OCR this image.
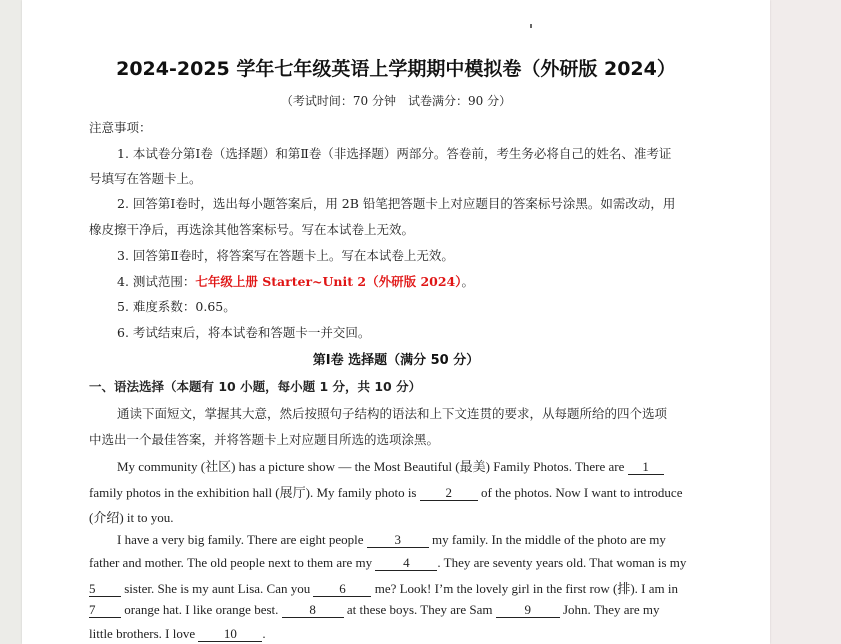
2024-2025 学年七年级英语上学期期中模拟卷（外研版 2024）
（考试时间：70 分钟　试卷满分：90 分）
注意事项：
1. 本试卷分第Ⅰ卷（选择题）和第Ⅱ卷（非选择题）两部分。答卷前，考生务必将自己的姓名、准考证
号填写在答题卡上。
2. 回答第Ⅰ卷时，选出每小题答案后，用 2B 铅笔把答题卡上对应题目的答案标号涂黑。如需改动，用
橡皮擦干净后，再选涂其他答案标号。写在本试卷上无效。
3. 回答第Ⅱ卷时，将答案写在答题卡上。写在本试卷上无效。
4. 测试范围：七年级上册 Starter~Unit 2（外研版 2024）。
5. 难度系数：0.65。
6. 考试结束后，将本试卷和答题卡一并交回。
第Ⅰ卷 选择题（满分 50 分）
一、语法选择（本题有 10 小题，每小题 1 分，共 10 分）
通读下面短文，掌握其大意，然后按照句子结构的语法和上下文连贯的要求，从每题所给的四个选项
中选出一个最佳答案，并将答题卡上对应题目所选的选项涂黑。
My community (社区) has a picture show — the Most Beautiful (最美) Family Photos. There are 1
family photos in the exhibition hall (展厅). My family photo is 2 of the photos. Now I want to introduce
(介绍) it to you.
I have a very big family. There are eight people 3 my family. In the middle of the photo are my
father and mother. The old people next to them are my 4 . They are seventy years old. That woman is my
5 sister. She is my aunt Lisa. Can you 6 me? Look! I’m the lovely girl in the first row (排). I am in
7 orange hat. I like orange best. 8 at these boys. They are Sam 9 John. They are my
little brothers. I love 10 .
